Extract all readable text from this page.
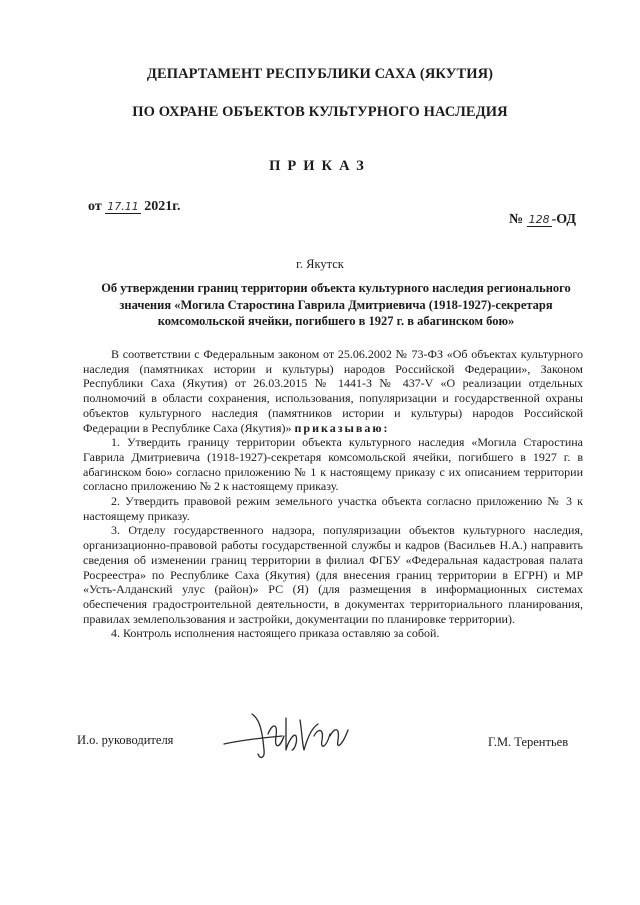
ДЕПАРТАМЕНТ РЕСПУБЛИКИ САХА (ЯКУТИЯ)
ПО ОХРАНЕ ОБЪЕКТОВ КУЛЬТУРНОГО НАСЛЕДИЯ
ПРИКАЗ
от 17.11 2021г.
№ 128 -ОД
г. Якутск
Об утверждении границ территории объекта культурного наследия регионального значения «Могила Старостина Гаврила Дмитриевича (1918-1927)-секретаря комсомольской ячейки, погибшего в 1927 г. в абагинском бою»

В соответствии с Федеральным законом от 25.06.2002 № 73-ФЗ «Об объектах культурного наследия (памятниках истории и культуры) народов Российской Федерации», Законом Республики Саха (Якутия) от 26.03.2015 № 1441-З № 437-V «О реализации отдельных полномочий в области сохранения, использования, популяризации и государственной охраны объектов культурного наследия (памятников истории и культуры) народов Российской Федерации в Республике Саха (Якутия)» приказываю:

1. Утвердить границу территории объекта культурного наследия «Могила Старостина Гаврила Дмитриевича (1918-1927)-секретаря комсомольской ячейки, погибшего в 1927 г. в абагинском бою» согласно приложению № 1 к настоящему приказу с их описанием территории согласно приложению № 2 к настоящему приказу.

2. Утвердить правовой режим земельного участка объекта согласно приложению № 3 к настоящему приказу.

3. Отделу государственного надзора, популяризации объектов культурного наследия, организационно-правовой работы государственной службы и кадров (Васильев Н.А.) направить сведения об изменении границ территории в филиал ФГБУ «Федеральная кадастровая палата Росреестра» по Республике Саха (Якутия) (для внесения границ территории в ЕГРН) и МР «Усть-Алданский улус (район)» РС (Я) (для размещения в информационных системах обеспечения градостроительной деятельности, в документах территориального планирования, правилах землепользования и застройки, документации по планировке территории).

4. Контроль исполнения настоящего приказа оставляю за собой.

И.о. руководителя	Г.М. Терентьев
